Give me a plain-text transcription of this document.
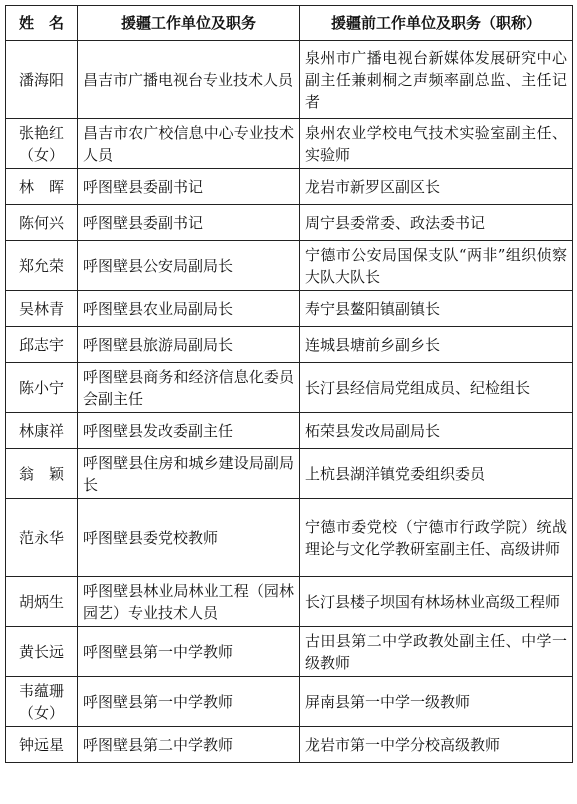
姓　名	援疆工作单位及职务	援疆前工作单位及职务（职称）
潘海阳	昌吉市广播电视台专业技术人员	泉州市广播电视台新媒体发展研究中心副主任兼刺桐之声频率副总监、主任记者
张艳红（女）	昌吉市农广校信息中心专业技术人员	泉州农业学校电气技术实验室副主任、实验师
林　晖	呼图壁县委副书记	龙岩市新罗区副区长
陈何兴	呼图壁县委副书记	周宁县委常委、政法委书记
郑允荣	呼图壁县公安局副局长	宁德市公安局国保支队“两非”组织侦察大队大队长
吴林青	呼图壁县农业局副局长	寿宁县鳌阳镇副镇长
邱志宇	呼图壁县旅游局副局长	连城县塘前乡副乡长
陈小宁	呼图壁县商务和经济信息化委员会副主任	长汀县经信局党组成员、纪检组长
林康祥	呼图壁县发改委副主任	柘荣县发改局副局长
翁　颖	呼图壁县住房和城乡建设局副局长	上杭县湖洋镇党委组织委员
范永华	呼图壁县委党校教师	宁德市委党校（宁德市行政学院）统战理论与文化学教研室副主任、高级讲师
胡炳生	呼图壁县林业局林业工程（园林园艺）专业技术人员	长汀县楼子坝国有林场林业高级工程师
黄长远	呼图壁县第一中学教师	古田县第二中学政教处副主任、中学一级教师
韦蕴珊（女）	呼图壁县第一中学教师	屏南县第一中学一级教师
钟远星	呼图壁县第二中学教师	龙岩市第一中学分校高级教师
